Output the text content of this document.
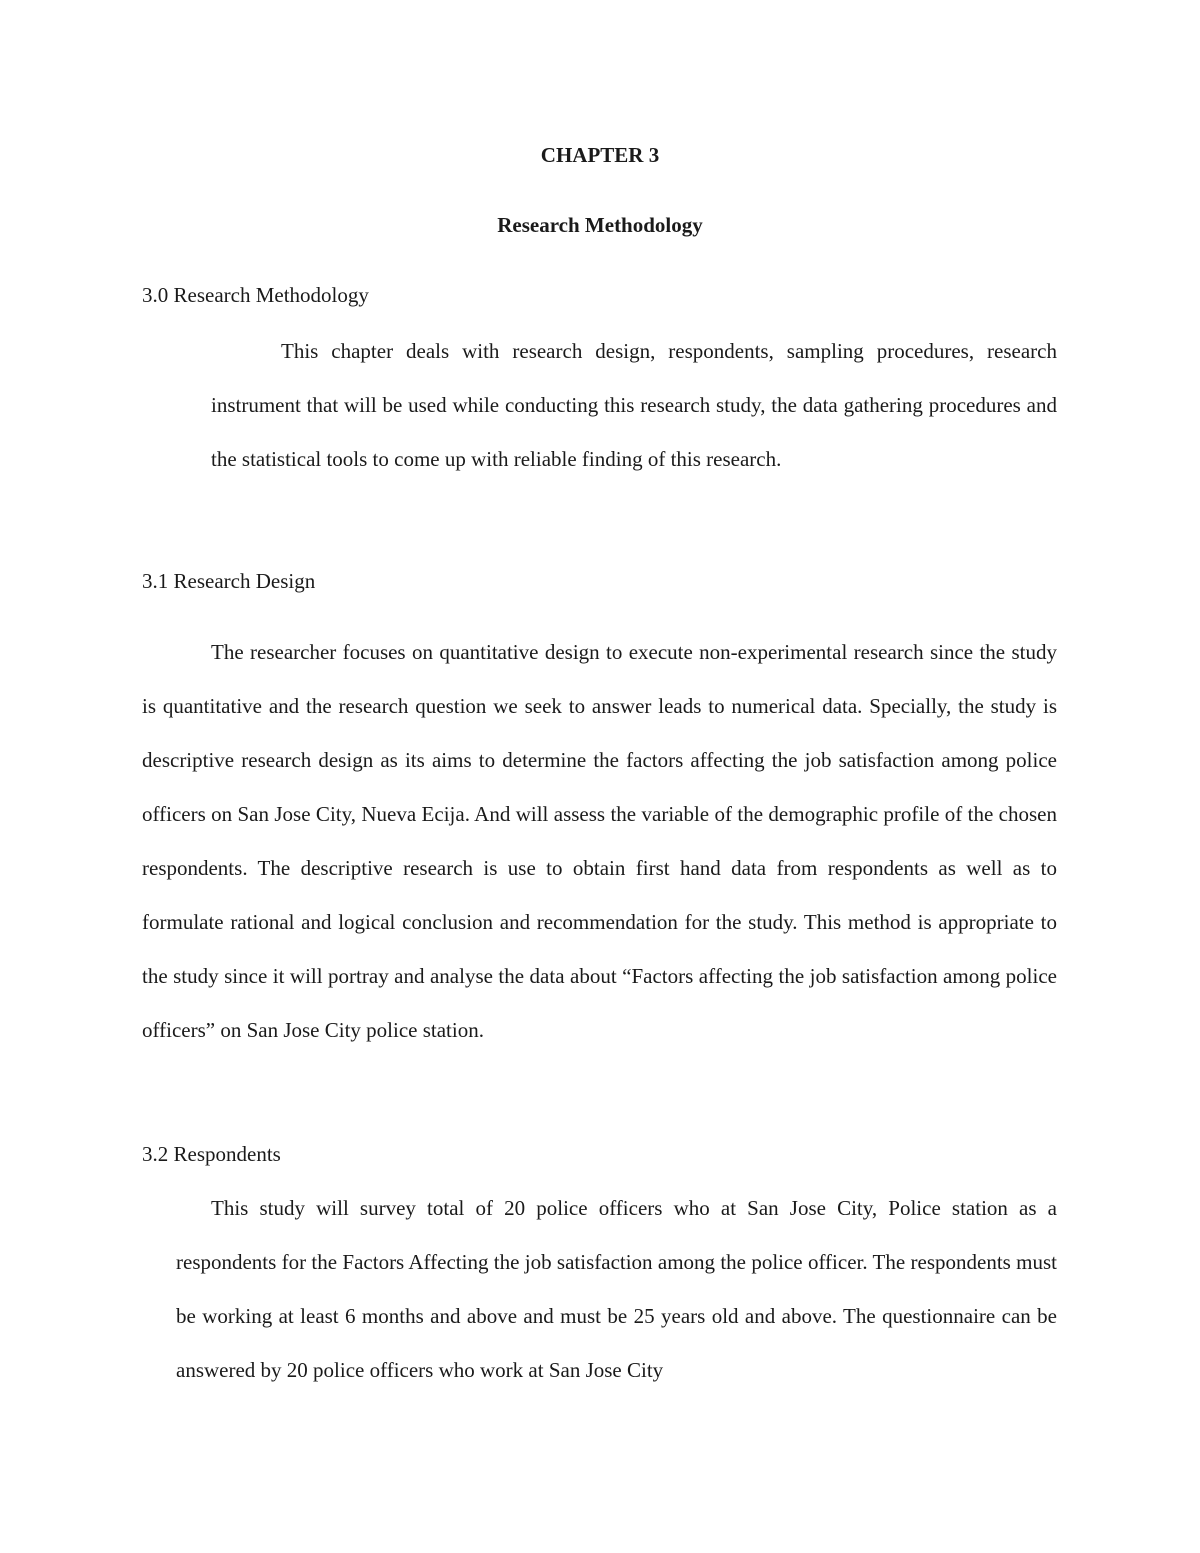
CHAPTER 3
Research Methodology
3.0 Research Methodology

This chapter deals with research design, respondents, sampling procedures, research instrument that will be used while conducting this research study, the data gathering procedures and the statistical tools to come up with reliable finding of this research.

3.1 Research Design

The researcher focuses on quantitative design to execute non-experimental research since the study is quantitative and the research question we seek to answer leads to numerical data. Specially, the study is descriptive research design as its aims to determine the factors affecting the job satisfaction among police officers on San Jose City, Nueva Ecija. And will assess the variable of the demographic profile of the chosen respondents. The descriptive research is use to obtain first hand data from respondents as well as to formulate rational and logical conclusion and recommendation for the study. This method is appropriate to the study since it will portray and analyse the data about “Factors affecting the job satisfaction among police officers” on San Jose City police station.

3.2 Respondents

This study will survey total of 20 police officers who at San Jose City, Police station as a respondents for the Factors Affecting the job satisfaction among the police officer. The respondents must be working at least 6 months and above and must be 25 years old and above. The questionnaire can be answered by 20 police officers who work at San Jose City
